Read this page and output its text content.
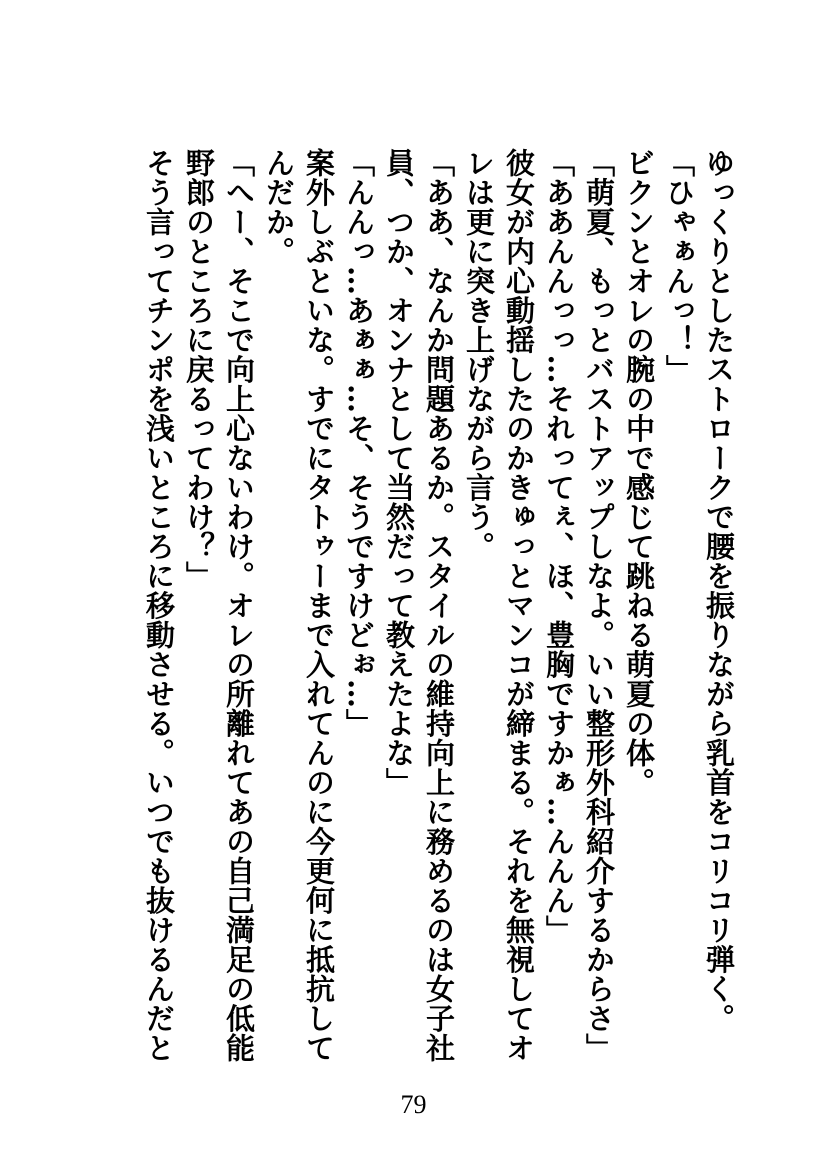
ゆっくりとしたストロークで腰を振りながら乳首をコリコリ弾く。
「ひゃぁんっ！」
ビクンとオレの腕の中で感じて跳ねる萌夏の体。
「萌夏、もっとバストアップしなよ。いい整形外科紹介するからさ」
「ああんんっっ…それってぇ、ほ、豊胸ですかぁ…んんん」
彼女が内心動揺したのかきゅっとマンコが締まる。それを無視してオ
レは更に突き上げながら言う。
「ああ、なんか問題あるか。スタイルの維持向上に務めるのは女子社
員、つか、オンナとして当然だって教えたよな」
「んんっ…あぁぁ…そ、そうですけどぉ…」
案外しぶといな。すでにタトゥーまで入れてんのに今更何に抵抗して
んだか。
「へー、そこで向上心ないわけ。オレの所離れてあの自己満足の低能
野郎のところに戻るってわけ？」
そう言ってチンポを浅いところに移動させる。いつでも抜けるんだと
79
